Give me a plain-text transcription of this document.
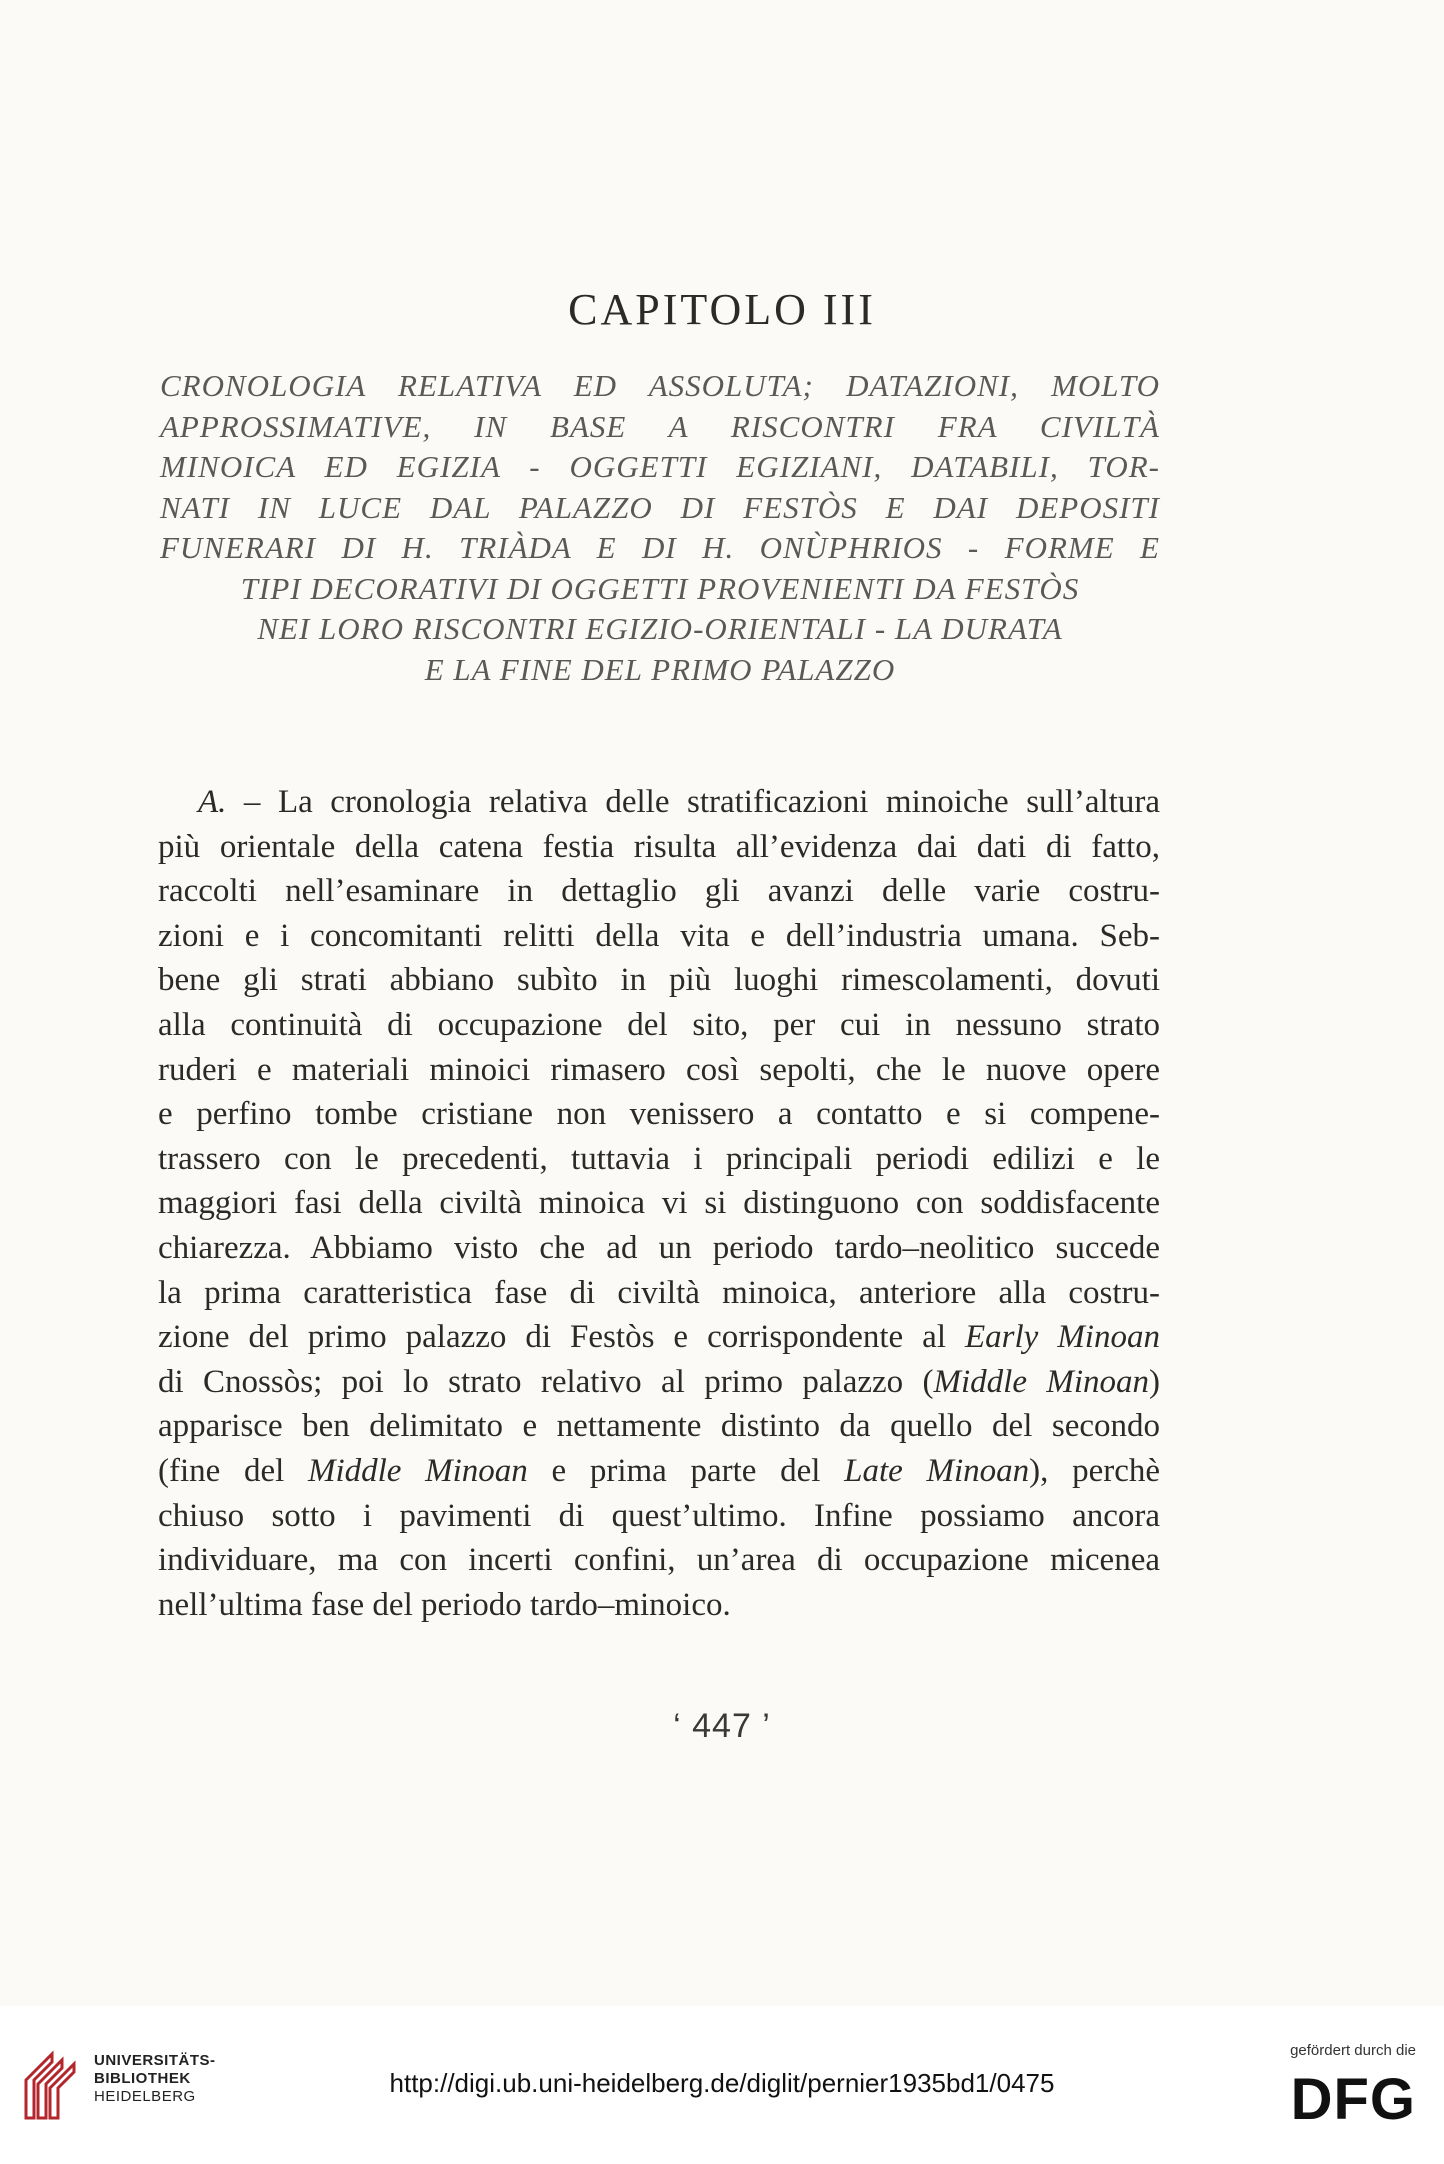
CAPITOLO III

CRONOLOGIA RELATIVA ED ASSOLUTA; DATAZIONI, MOLTO
APPROSSIMATIVE, IN BASE A RISCONTRI FRA CIVILTÀ
MINOICA ED EGIZIA - OGGETTI EGIZIANI, DATABILI, TOR-
NATI IN LUCE DAL PALAZZO DI FESTÒS E DAI DEPOSITI
FUNERARI DI H. TRIÀDA E DI H. ONÙPHRIOS - FORME E
TIPI DECORATIVI DI OGGETTI PROVENIENTI DA FESTÒS
NEI LORO RISCONTRI EGIZIO-ORIENTALI - LA DURATA
E LA FINE DEL PRIMO PALAZZO

A. – La cronologia relativa delle stratificazioni minoiche sull’altura
più orientale della catena festia risulta all’evidenza dai dati di fatto,
raccolti nell’esaminare in dettaglio gli avanzi delle varie costru-
zioni e i concomitanti relitti della vita e dell’industria umana. Seb-
bene gli strati abbiano subìto in più luoghi rimescolamenti, dovuti
alla continuità di occupazione del sito, per cui in nessuno strato
ruderi e materiali minoici rimasero così sepolti, che le nuove opere
e perfino tombe cristiane non venissero a contatto e si compene-
trassero con le precedenti, tuttavia i principali periodi edilizi e le
maggiori fasi della civiltà minoica vi si distinguono con soddisfacente
chiarezza. Abbiamo visto che ad un periodo tardo–neolitico succede
la prima caratteristica fase di civiltà minoica, anteriore alla costru-
zione del primo palazzo di Festòs e corrispondente al Early Minoan
di Cnossòs; poi lo strato relativo al primo palazzo (Middle Minoan)
apparisce ben delimitato e nettamente distinto da quello del secondo
(fine del Middle Minoan e prima parte del Late Minoan), perchè
chiuso sotto i pavimenti di quest’ultimo. Infine possiamo ancora
individuare, ma con incerti confini, un’area di occupazione micenea
nell’ultima fase del periodo tardo–minoico.

‘ 447 ’
UNIVERSITÄTS-
BIBLIOTHEK
HEIDELBERG	http://digi.ub.uni-heidelberg.de/diglit/pernier1935bd1/0475
gefördert durch die
DFG
